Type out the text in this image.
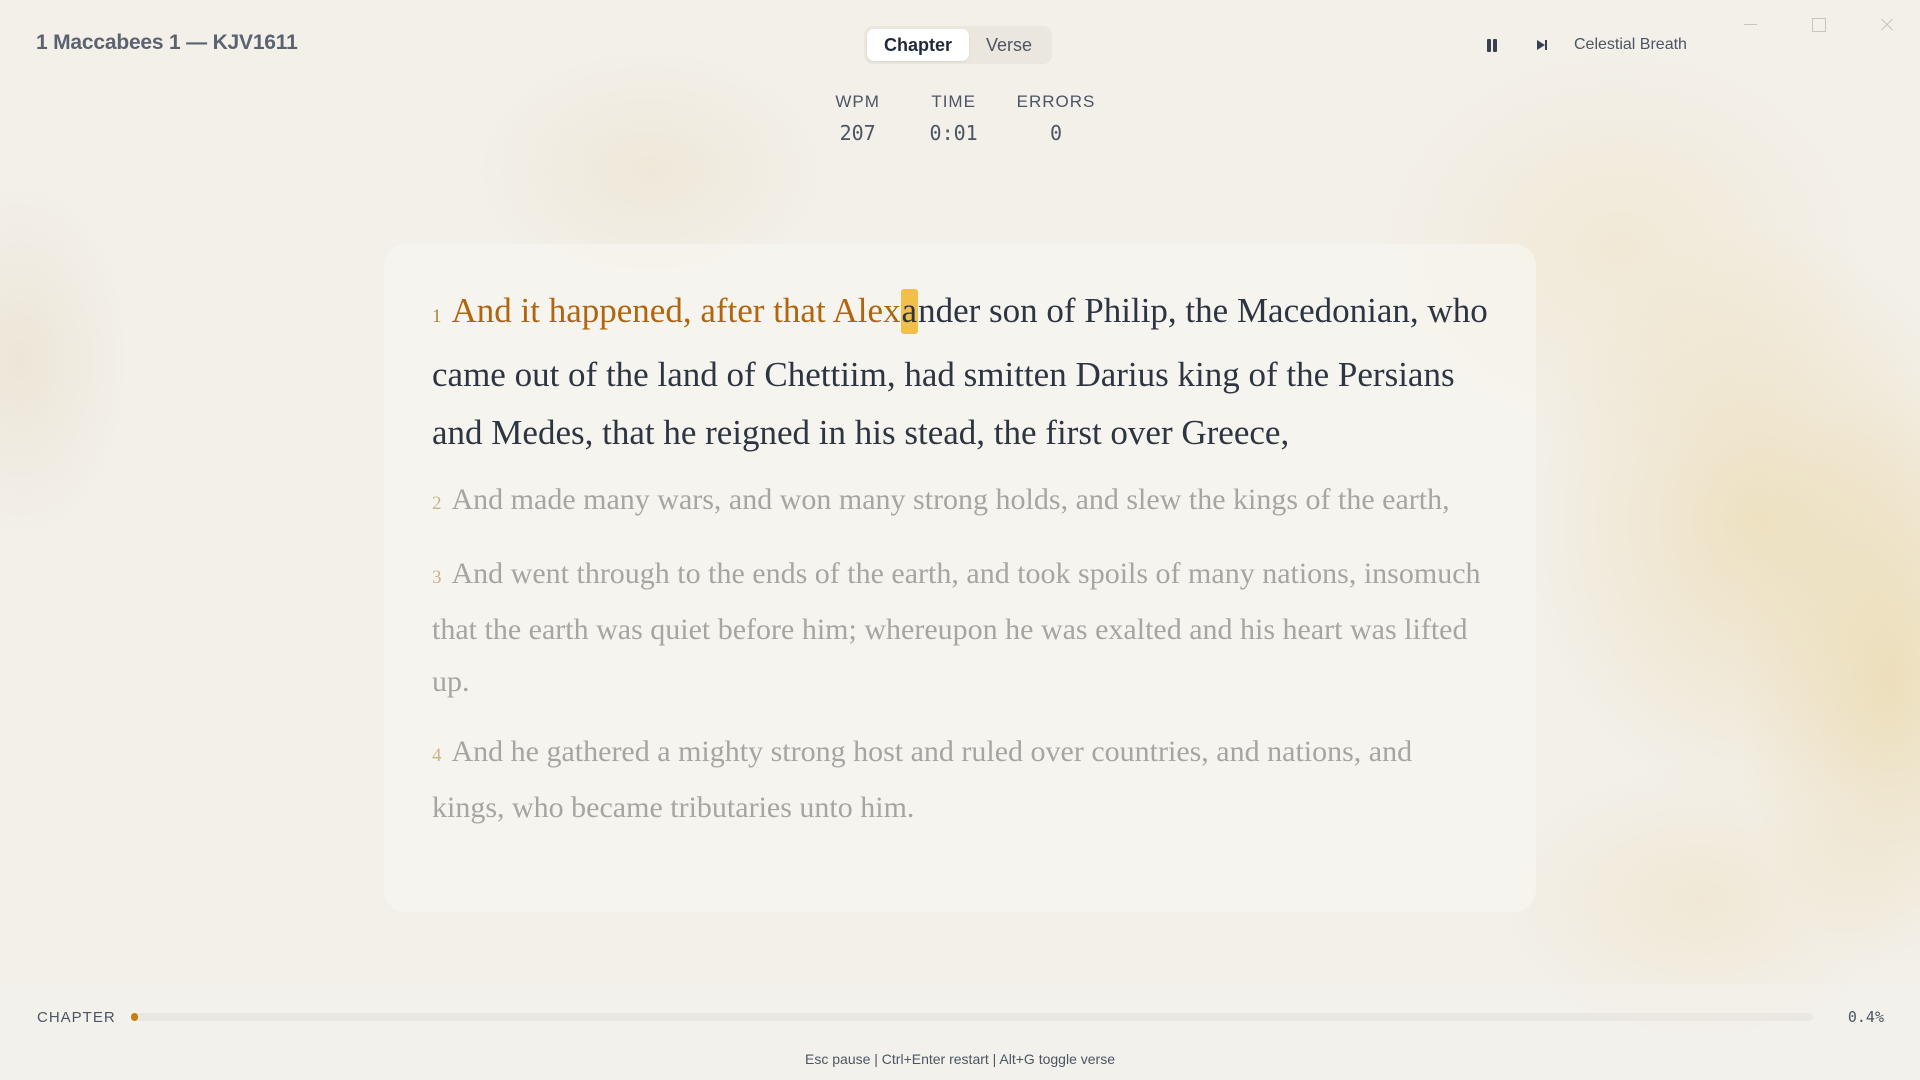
1 Maccabees 1 — KJV1611	Chapter	Verse	Celestial Breath
WPM
207
TIME
0:01
ERRORS
0
1 And it happened, after that Alexander son of Philip, the Macedonian, who came out of the land of Chettiim, had smitten Darius king of the Persians and Medes, that he reigned in his stead, the first over Greece,
2 And made many wars, and won many strong holds, and slew the kings of the earth,
3 And went through to the ends of the earth, and took spoils of many nations, insomuch that the earth was quiet before him; whereupon he was exalted and his heart was lifted up.
4 And he gathered a mighty strong host and ruled over countries, and nations, and kings, who became tributaries unto him.
CHAPTER	0.4%
Esc pause | Ctrl+Enter restart | Alt+G toggle verse
